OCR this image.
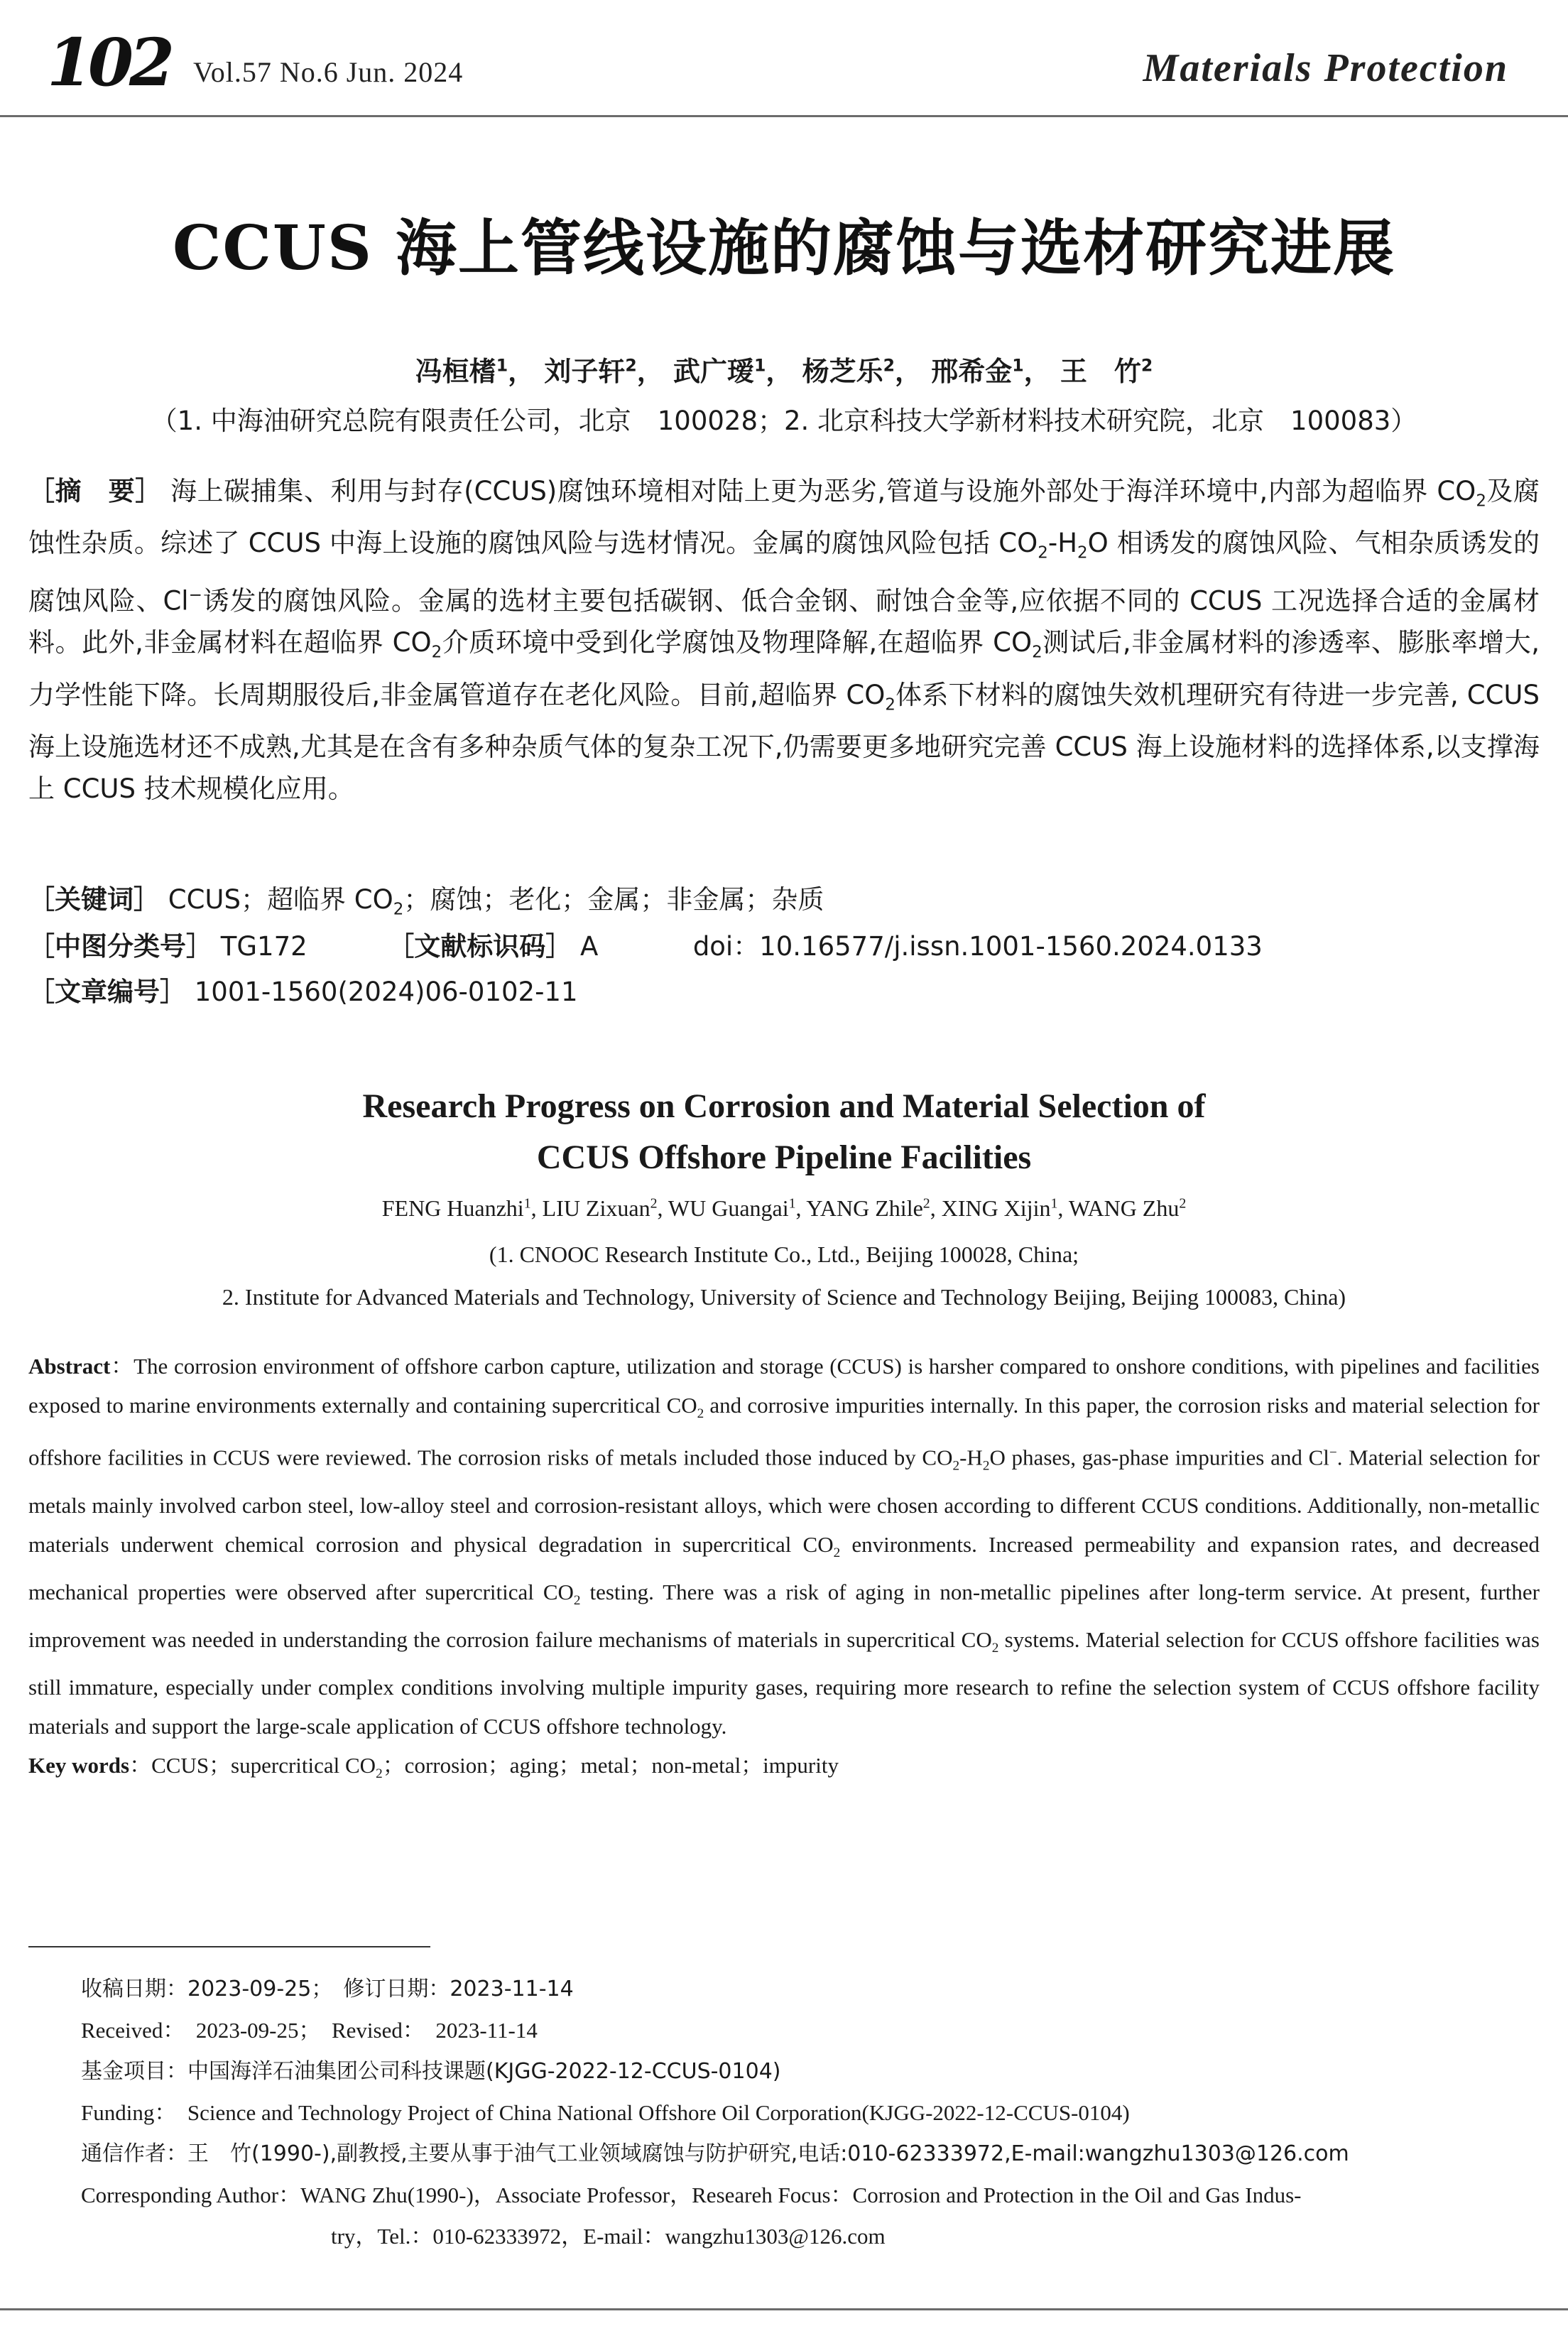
102 Vol.57 No.6 Jun. 2024	Materials Protection
CCUS 海上管线设施的腐蚀与选材研究进展
冯桓榰$^1$， 刘子轩$^2$， 武广瑷$^1$， 杨芝乐$^2$， 邢希金$^1$， 王　竹$^2$
（1. 中海油研究总院有限责任公司，北京　100028；2. 北京科技大学新材料技术研究院，北京　100083）
［摘　要］ 海上碳捕集、利用与封存(CCUS)腐蚀环境相对陆上更为恶劣,管道与设施外部处于海洋环境中,内部为超临界 $CO_2$及腐蚀性杂质。综述了 CCUS 中海上设施的腐蚀风险与选材情况。金属的腐蚀风险包括 $CO_2-H_2O$ 相诱发的腐蚀风险、气相杂质诱发的腐蚀风险、Cl−诱发的腐蚀风险。金属的选材主要包括碳钢、低合金钢、耐蚀合金等,应依据不同的 CCUS 工况选择合适的金属材料。此外,非金属材料在超临界 $CO_2$介质环境中受到化学腐蚀及物理降解,在超临界 $CO_2$测试后,非金属材料的渗透率、膨胀率增大,力学性能下降。长周期服役后,非金属管道存在老化风险。目前,超临界 $CO_2$体系下材料的腐蚀失效机理研究有待进一步完善, CCUS 海上设施选材还不成熟,尤其是在含有多种杂质气体的复杂工况下,仍需要更多地研究完善 CCUS 海上设施材料的选择体系,以支撑海上 CCUS 技术规模化应用。
［关键词］ CCUS；超临界 $CO_2$；腐蚀；老化；金属；非金属；杂质
［中图分类号］ TG172	［文献标识码］ A	doi：10.16577/j.issn.1001-1560.2024.0133
［文章编号］ 1001-1560(2024)06-0102-11
Research Progress on Corrosion and Material Selection of
CCUS Offshore Pipeline Facilities
FENG Huanzhi$^1$, LIU Zixuan$^2$, WU Guangai$^1$, YANG Zhile$^2$, XING Xijin$^1$, WANG Zhu$^2$
(1. CNOOC Research Institute Co., Ltd., Beijing 100028, China;
2. Institute for Advanced Materials and Technology, University of Science and Technology Beijing, Beijing 100083, China)
Abstract：The corrosion environment of offshore carbon capture, utilization and storage (CCUS) is harsher compared to onshore conditions, with pipelines and facilities exposed to marine environments externally and containing supercritical $CO_2$ and corrosive impurities internally. In this paper, the corrosion risks and material selection for offshore facilities in CCUS were reviewed. The corrosion risks of metals included those induced by $CO_2-H_2O$ phases, gas-phase impurities and Cl−. Material selection for metals mainly involved carbon steel, low-alloy steel and corrosion-resistant alloys, which were chosen according to different CCUS conditions. Additionally, non-metallic materials underwent chemical corrosion and physical degradation in supercritical $CO_2$ environments. Increased permeability and expansion rates, and decreased mechanical properties were observed after supercritical $CO_2$ testing. There was a risk of aging in non-metallic pipelines after long-term service. At present, further improvement was needed in understanding the corrosion failure mechanisms of materials in supercritical $CO_2$ systems. Material selection for CCUS offshore facilities was still immature, especially under complex conditions involving multiple impurity gases, requiring more research to refine the selection system of CCUS offshore facility materials and support the large-scale application of CCUS offshore technology.
Key words：CCUS；supercritical $CO_2$；corrosion；aging；metal；non-metal；impurity
收稿日期：2023-09-25；　修订日期：2023-11-14
Received：　2023-09-25；　Revised：　2023-11-14
基金项目：中国海洋石油集团公司科技课题(KJGG-2022-12-CCUS-0104)
Funding：　Science and Technology Project of China National Offshore Oil Corporation(KJGG-2022-12-CCUS-0104)
通信作者：王　竹(1990-),副教授,主要从事于油气工业领域腐蚀与防护研究,电话:010-62333972,E-mail:wangzhu1303@126.com
Corresponding Author：WANG Zhu(1990-)，Associate Professor，Researeh Focus：Corrosion and Protection in the Oil and Gas Indus-
try，Tel.：010-62333972，E-mail：wangzhu1303@126.com
